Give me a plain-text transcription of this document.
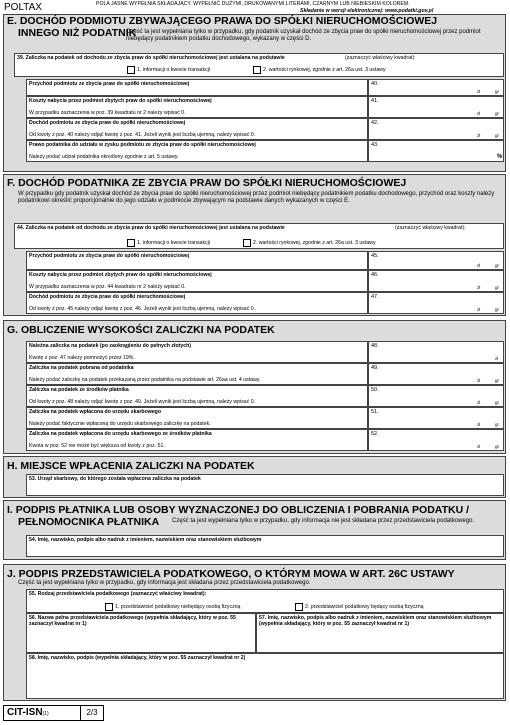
POLTAX	POLA JASNE WYPEŁNIA SKŁADAJĄCY. WYPEŁNIĆ DUŻYMI, DRUKOWANYMI LITERAMI, CZARNYM LUB NIEBIESKIM KOLOREM.
Składanie w wersji elektronicznej: www.podatki.gov.pl
E. DOCHÓD PODMIOTU ZBYWAJĄCEGO PRAWA DO SPÓŁKI NIERUCHOMOŚCIOWEJ
INNEGO NIŻ PODATNIK
Część ta jest wypełniana tylko w przypadku, gdy podatnik uzyskał dochód ze zbycia praw do spółki nieruchomościowej przez podmiot niebędący podatnikiem podatku dochodowego, wykazany w części D.
39. Zaliczka na podatek od dochodu ze zbycia praw do spółki nieruchomościowej jest ustalana na podstawie	(zaznaczyć właściwy kwadrat):
1. informacji o kwocie transakcji	2. wartości rynkowej, zgodnie z art. 26a ust. 3 ustawy
Przychód podmiotu ze zbycia praw do spółki nieruchomościowej	40.
zł	gr
Koszty nabycia przez podmiot zbytych praw do spółki nieruchomościowej
W przypadku zaznaczenia w poz. 39 kwadratu nr 2 należy wpisać 0.
41.
zł	gr
Dochód podmiotu ze zbycia praw do spółki nieruchomościowej
Od kwoty z poz. 40 należy odjąć kwotę z poz. 41. Jeżeli wynik jest liczbą ujemną, należy wpisać 0.
42.
zł	gr
Prawo podatnika do udziału w zysku podmiotu ze zbycia praw do spółki nieruchomościowej
Należy podać udział podatnika określony zgodnie z art. 5 ustawy.
43.
%
F. DOCHÓD PODATNIKA ZE ZBYCIA PRAW DO SPÓŁKI NIERUCHOMOŚCIOWEJ
W przypadku gdy podatnik uzyskał dochód ze zbycia praw do spółki nieruchomościowej przez podmiot niebędący podatnikiem podatku dochodowego, przychód oraz koszty należy podatnikowi określić proporcjonalnie do jego udziału w podmiocie zbywającym na podstawie danych wykazanych w części E.
44. Zaliczka na podatek od dochodu ze zbycia praw do spółki nieruchomościowej jest ustalana na podstawie	(zaznaczyć właściwy kwadrat):
1. informacji o kwocie transakcji	2. wartości rynkowej, zgodnie z art. 26a ust. 3 ustawy
Przychód podmiotu ze zbycia praw do spółki nieruchomościowej	45.
zł	gr
Koszty nabycia przez podmiot zbytych praw do spółki nieruchomościowej
W przypadku zaznaczenia w poz. 44 kwadratu nr 2 należy wpisać 0.
46.
zł	gr
Dochód podmiotu ze zbycia praw do spółki nieruchomościowej
Od kwoty z poz. 45 należy odjąć kwotę z poz. 46. Jeżeli wynik jest liczbą ujemną, należy wpisać 0.
47.
zł	gr
G. OBLICZENIE WYSOKOŚCI ZALICZKI NA PODATEK
Należna zaliczka na podatek (po zaokrągleniu do pełnych złotych)
Kwotę z poz. 47 należy pomnożyć przez 19%.
48.
zł
Zaliczka na podatek pobrana od podatnika
Należy podać zaliczkę na podatek przekazaną przez podatnika na podstawie art. 26aa ust. 4 ustawy.
49.
zł	gr
Zaliczka na podatek ze środków płatnika
Od kwoty z poz. 48 należy odjąć kwotę z poz. 49. Jeżeli wynik jest liczbą ujemną, należy wpisać 0.
50.
zł	gr
Zaliczka na podatek wpłacona do urzędu skarbowego
Należy podać faktycznie wpłaconą do urzędu skarbowego zaliczkę na podatek.
51.
zł	gr
Zaliczka na podatek wpłacona do urzędu skarbowego ze środków płatnika
Kwota w poz. 52 nie może być większa od kwoty z poz. 51.
52.
zł	gr
H. MIEJSCE WPŁACENIA ZALICZKI NA PODATEK
53. Urząd skarbowy, do którego została wpłacona zaliczka na podatek
I. PODPIS PŁATNIKA LUB OSOBY WYZNACZONEJ DO OBLICZENIA I POBRANIA PODATKU /
PEŁNOMOCNIKA PŁATNIKA	Część ta jest wypełniana tylko w przypadku, gdy informacja nie jest składana przez przedstawiciela podatkowego.
54. Imię, nazwisko, podpis albo nadruk z imieniem, nazwiskiem oraz stanowiskiem służbowym
J. PODPIS PRZEDSTAWICIELA PODATKOWEGO, O KTÓRYM MOWA W ART. 26C USTAWY
Część ta jest wypełniana tylko w przypadku, gdy informacja jest składana przez przedstawiciela podatkowego.
55. Rodzaj przedstawiciela podatkowego (zaznaczyć właściwy kwadrat):
1. przedstawiciel podatkowy niebędący osobą fizyczną	2. przedstawiciel podatkowy będący osobą fizyczną
56. Nazwa pełna przedstawiciela podatkowego (wypełnia składający, który w poz. 55 zaznaczył kwadrat nr 1)
57. Imię, nazwisko, podpis albo nadruk z imieniem, nazwiskiem oraz stanowiskiem służbowym (wypełnia składający, który w poz. 55 zaznaczył kwadrat nr 1)
58. Imię, nazwisko, podpis (wypełnia składający, który w poz. 55 zaznaczył kwadrat nr 2)
CIT-ISN(1)	2/3
